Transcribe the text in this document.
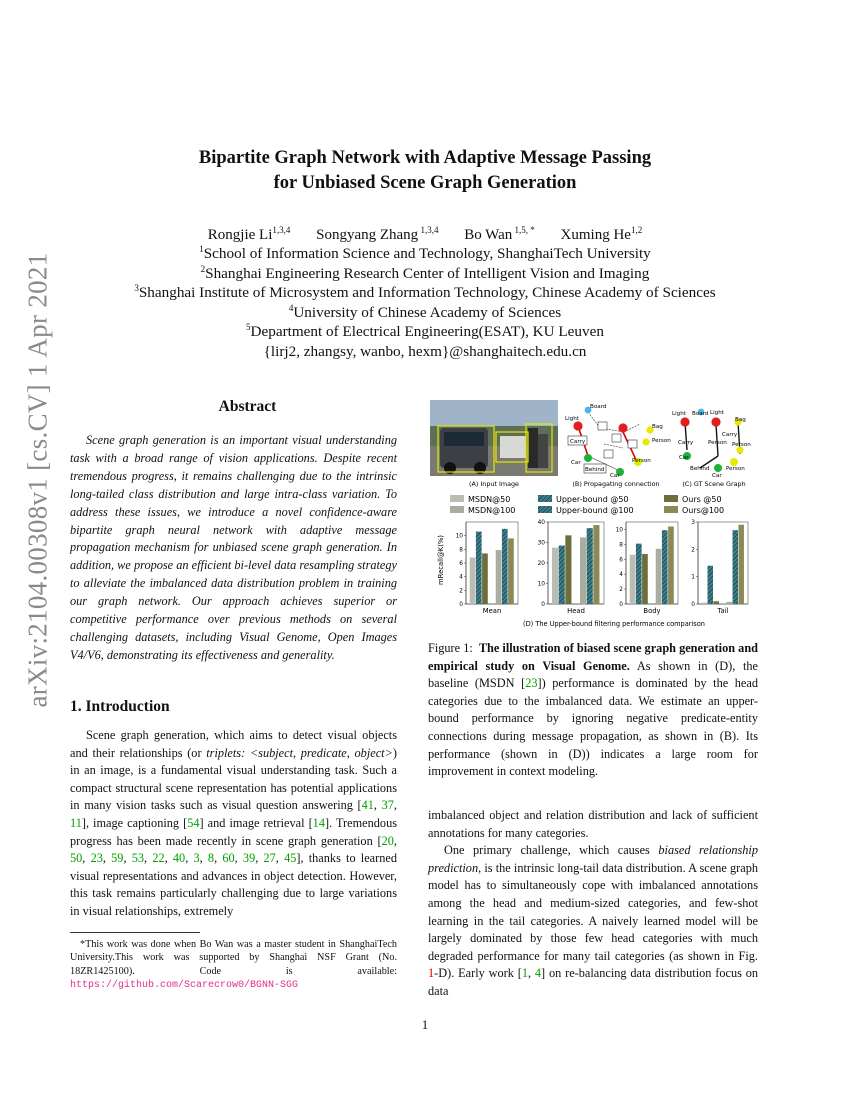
arXiv:2104.00308v1 [cs.CV] 1 Apr 2021
Bipartite Graph Network with Adaptive Message Passing
for Unbiased Scene Graph Generation
Rongjie Li$^{1,3,4}$ Songyang Zhang $^{1,3,4}$ Bo Wan $^{1,5, *}$ Xuming He$^{1,2}$
$^1$School of Information Science and Technology, ShanghaiTech University
$^2$Shanghai Engineering Research Center of Intelligent Vision and Imaging
$^3$Shanghai Institute of Microsystem and Information Technology, Chinese Academy of Sciences
$^4$University of Chinese Academy of Sciences
$^5$Department of Electrical Engineering(ESAT), KU Leuven
{lirj2, zhangsy, wanbo, hexm}@shanghaitech.edu.cn
Abstract
Scene graph generation is an important visual understanding task with a broad range of vision applications. Despite recent tremendous progress, it remains challenging due to the intrinsic long-tailed class distribution and large intra-class variation. To address these issues, we introduce a novel confidence-aware bipartite graph neural network with adaptive message propagation mechanism for unbiased scene graph generation. In addition, we propose an efficient bi-level data resampling strategy to alleviate the imbalanced data distribution problem in training our graph network. Our approach achieves superior or competitive performance over previous methods on several challenging datasets, including Visual Genome, Open Images V4/V6, demonstrating its effectiveness and generality.
1. Introduction
Scene graph generation, which aims to detect visual objects and their relationships (or triplets: <subject, predicate, object>) in an image, is a fundamental visual understanding task. Such a compact structural scene representation has potential applications in many vision tasks such as visual question answering [41, 37, 11], image captioning [54] and image retrieval [14]. Tremendous progress has been made recently in scene graph generation [20, 50, 23, 59, 53, 22, 40, 3, 8, 60, 39, 27, 45], thanks to learned visual representations and advances in object detection. However, this task remains particularly challenging due to large variations in visual relationships, extremely
*This work was done when Bo Wan was a master student in ShanghaiTech University.This work was supported by Shanghai NSF Grant (No. 18ZR1425100). Code is available: https://github.com/Scarecrow0/BGNN-SGG
(A) Input Image
Board
Light
Bag
Carry	Person
Person
Car
Behind
Car
(B) Propagating connection
Light Board Light
Bag
Carry
Carry	Person Person
Car
Behind	Person
Car
(C) GT Scene Graph
MSDN@50
MSDN@100
Upper-bound @50
Upper-bound @100
Ours @50
Ours@100
0
2
4
6
8
10
Mean
0
10
20
30
40
Head
0
2
4
6
8
10
Body
0
1
2
3
Tail
mRecall@K(%)
(D) The Upper-bound filtering performance comparison
Figure 1: The illustration of biased scene graph generation and empirical study on Visual Genome. As shown in (D), the baseline (MSDN [23]) performance is dominated by the head categories due to the imbalanced data. We estimate an upper-bound performance by ignoring negative predicate-entity connections during message propagation, as shown in (B). Its performance (shown in (D)) indicates a large room for improvement in context modeling.

imbalanced object and relation distribution and lack of sufficient annotations for many categories.

One primary challenge, which causes biased relationship prediction, is the intrinsic long-tail data distribution. A scene graph model has to simultaneously cope with imbalanced annotations among the head and medium-sized categories, and few-shot learning in the tail categories. A naively learned model will be largely dominated by those few head categories with much degraded performance for many tail categories (as shown in Fig. 1-D). Early work [1, 4] on re-balancing data distribution focus on data

1
